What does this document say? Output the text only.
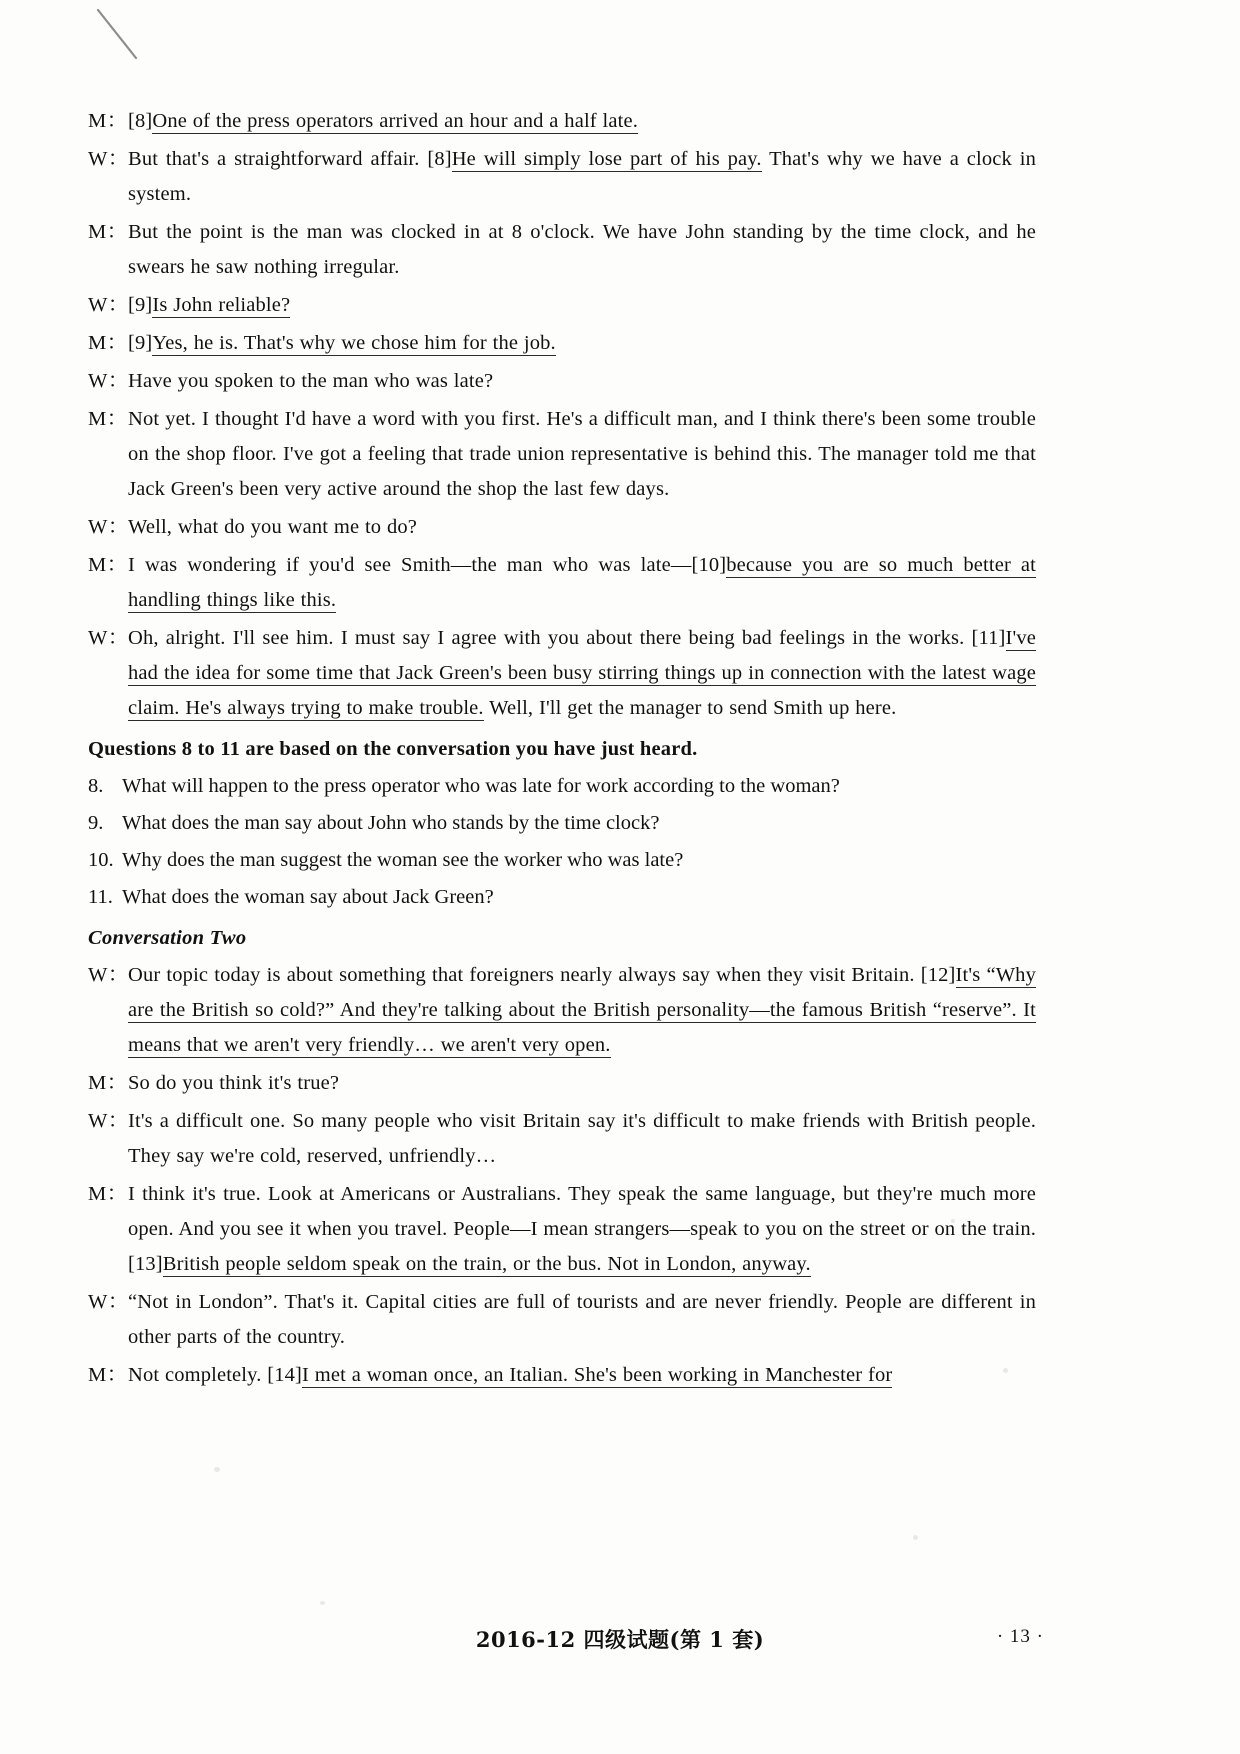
M： [8]One of the press operators arrived an hour and a half late.
W： But that's a straightforward affair. [8]He will simply lose part of his pay. That's why we have a clock in system.
M： But the point is the man was clocked in at 8 o'clock. We have John standing by the time clock, and he swears he saw nothing irregular.
W： [9]Is John reliable?
M： [9]Yes, he is. That's why we chose him for the job.
W： Have you spoken to the man who was late?
M： Not yet. I thought I'd have a word with you first. He's a difficult man, and I think there's been some trouble on the shop floor. I've got a feeling that trade union representative is behind this. The manager told me that Jack Green's been very active around the shop the last few days.
W： Well, what do you want me to do?
M： I was wondering if you'd see Smith—the man who was late—[10]because you are so much better at handling things like this.
W： Oh, alright. I'll see him. I must say I agree with you about there being bad feelings in the works. [11]I've had the idea for some time that Jack Green's been busy stirring things up in connection with the latest wage claim. He's always trying to make trouble. Well, I'll get the manager to send Smith up here.
Questions 8 to 11 are based on the conversation you have just heard.
8. What will happen to the press operator who was late for work according to the woman?
9. What does the man say about John who stands by the time clock?
10. Why does the man suggest the woman see the worker who was late?
11. What does the woman say about Jack Green?
Conversation Two
W： Our topic today is about something that foreigners nearly always say when they visit Britain. [12]It's “Why are the British so cold?” And they're talking about the British personality—the famous British “reserve”. It means that we aren't very friendly… we aren't very open.
M： So do you think it's true?
W： It's a difficult one. So many people who visit Britain say it's difficult to make friends with British people. They say we're cold, reserved, unfriendly…
M： I think it's true. Look at Americans or Australians. They speak the same language, but they're much more open. And you see it when you travel. People—I mean strangers—speak to you on the street or on the train. [13]British people seldom speak on the train, or the bus. Not in London, anyway.
W： “Not in London”. That's it. Capital cities are full of tourists and are never friendly. People are different in other parts of the country.
M： Not completely. [14]I met a woman once, an Italian. She's been working in Manchester for
2016-12 四级试题(第 1 套)	· 13 ·
